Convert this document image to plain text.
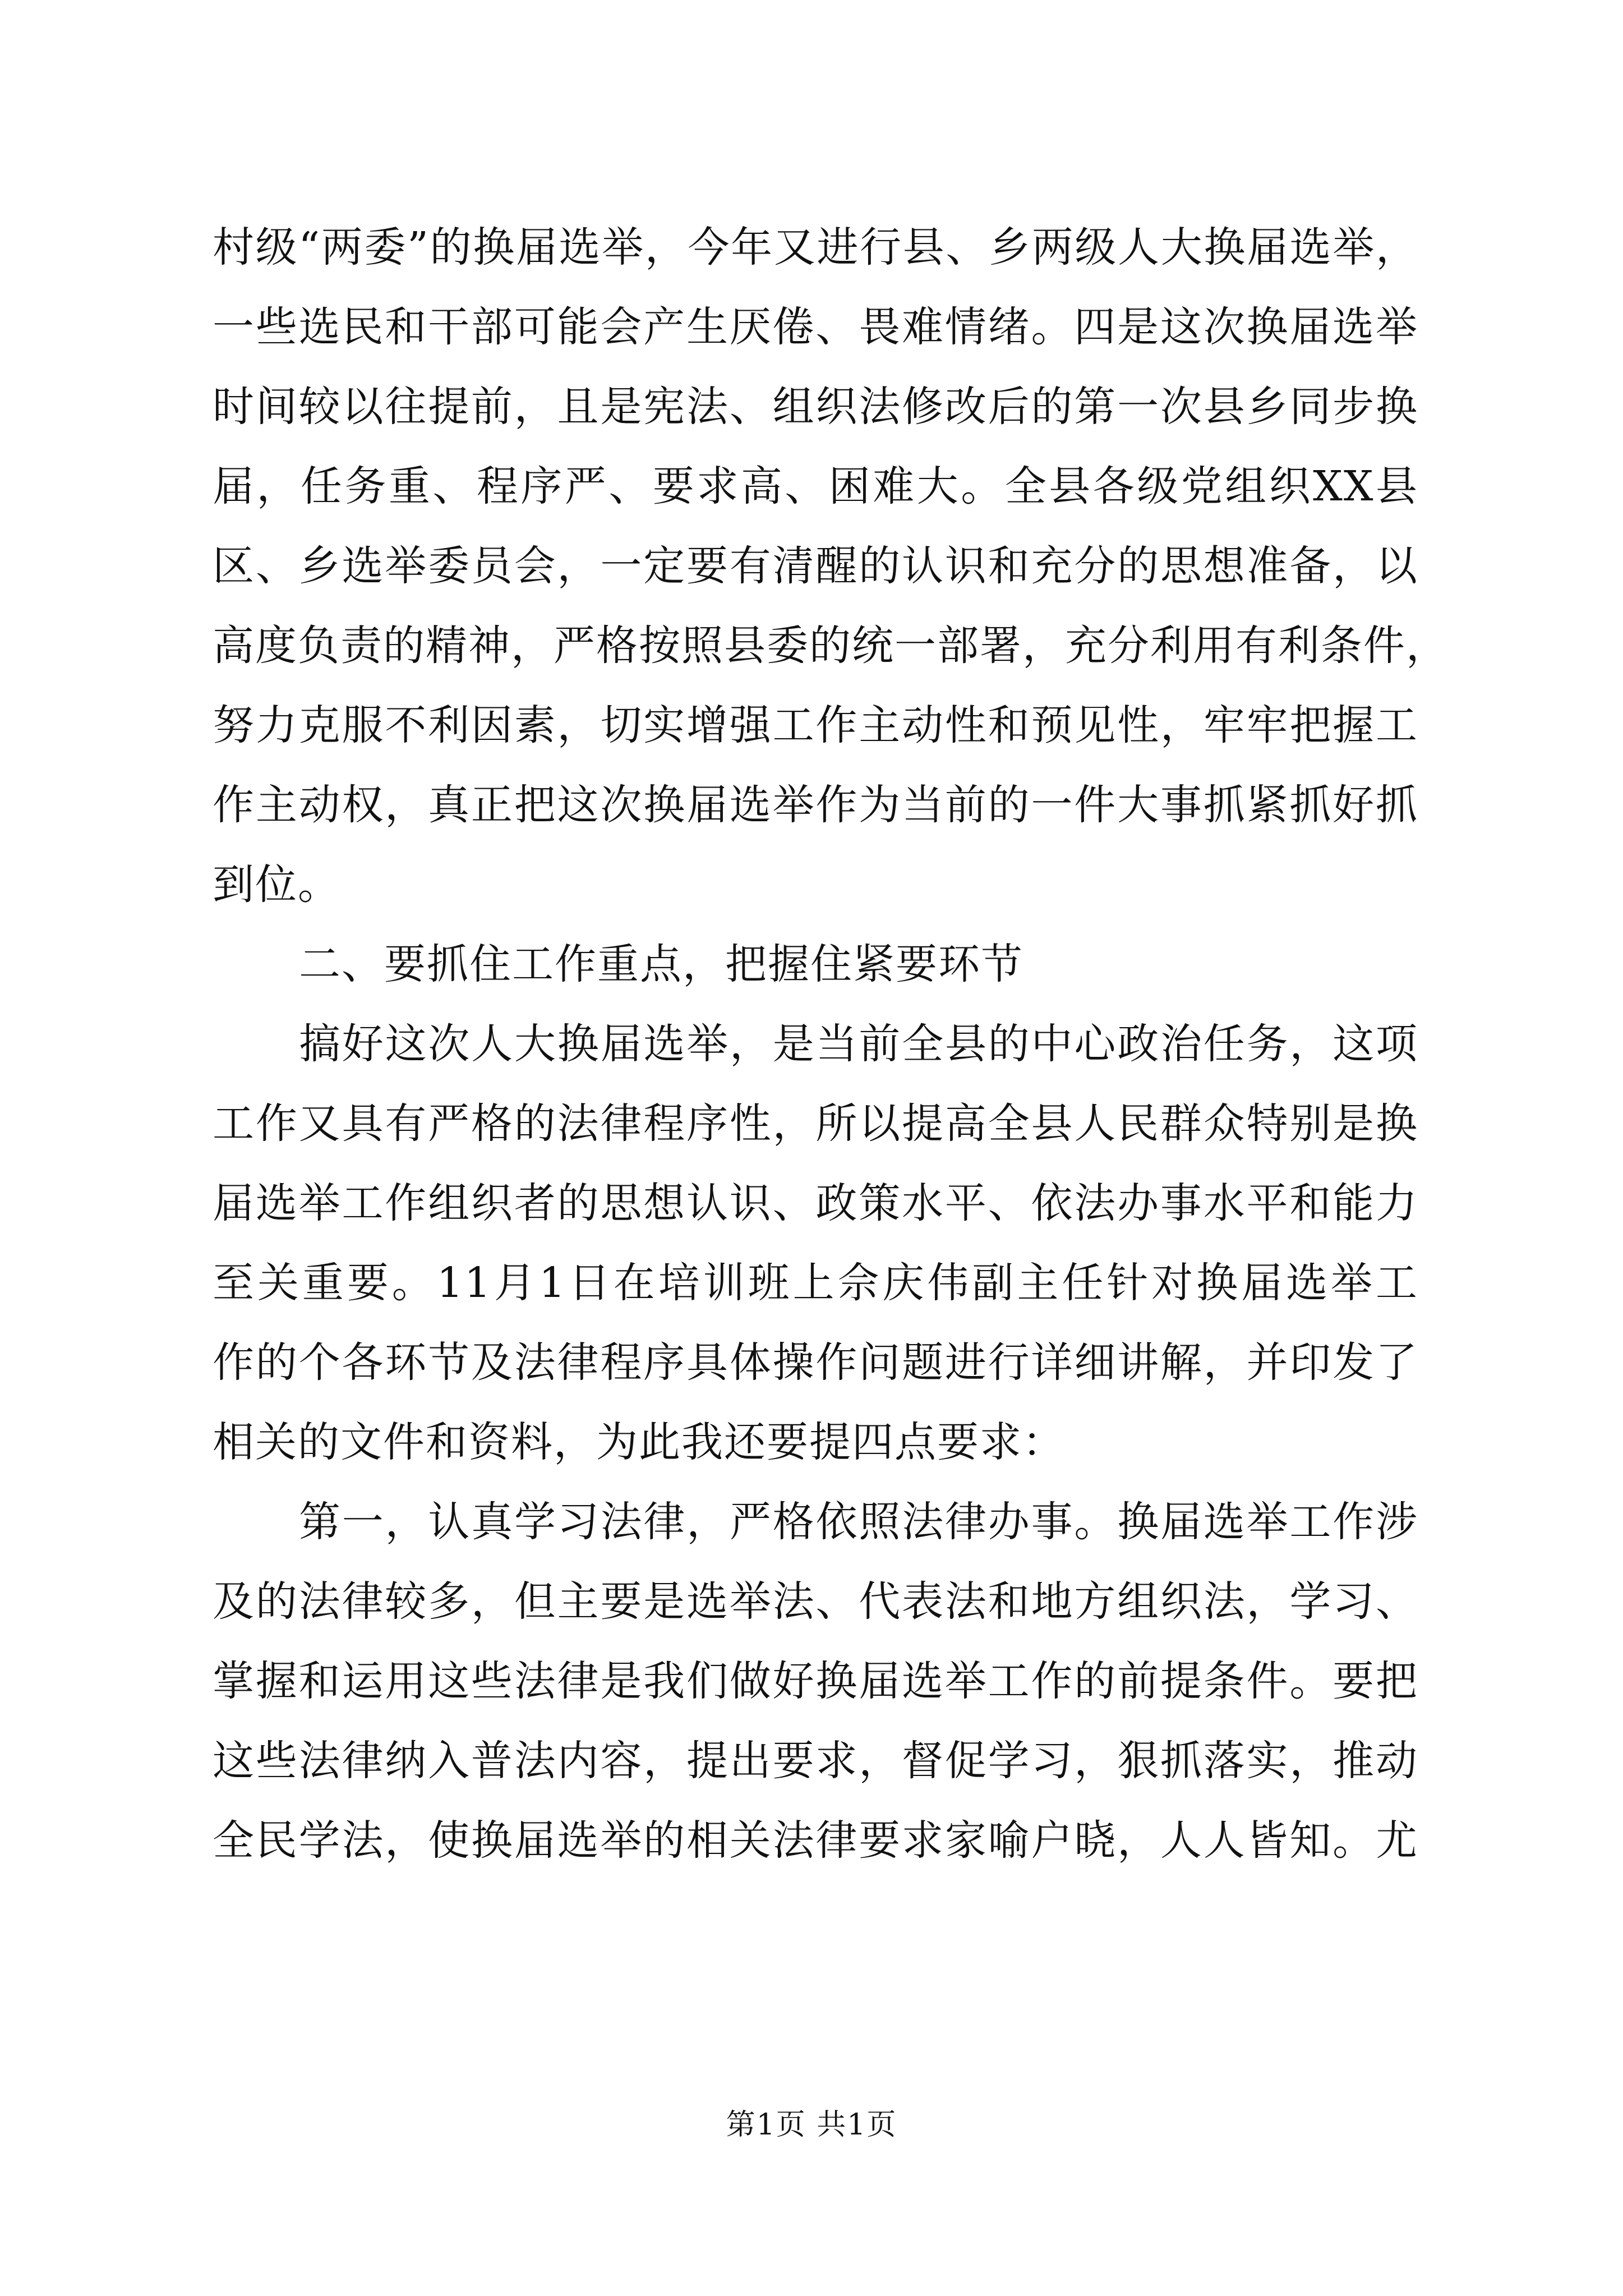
村级“两委”的换届选举，今年又进行县、乡两级人大换届选举，
一些选民和干部可能会产生厌倦、畏难情绪。四是这次换届选举
时间较以往提前，且是宪法、组织法修改后的第一次县乡同步换
届，任务重、程序严、要求高、困难大。全县各级党组织XX县
区、乡选举委员会，一定要有清醒的认识和充分的思想准备，以
高度负责的精神，严格按照县委的统一部署，充分利用有利条件，
努力克服不利因素，切实增强工作主动性和预见性，牢牢把握工
作主动权，真正把这次换届选举作为当前的一件大事抓紧抓好抓
到位。
二、要抓住工作重点，把握住紧要环节
搞好这次人大换届选举，是当前全县的中心政治任务，这项
工作又具有严格的法律程序性，所以提高全县人民群众特别是换
届选举工作组织者的思想认识、政策水平、依法办事水平和能力
至关重要。11月1日在培训班上佘庆伟副主任针对换届选举工
作的个各环节及法律程序具体操作问题进行详细讲解，并印发了
相关的文件和资料，为此我还要提四点要求：
第一，认真学习法律，严格依照法律办事。换届选举工作涉
及的法律较多，但主要是选举法、代表法和地方组织法，学习、
掌握和运用这些法律是我们做好换届选举工作的前提条件。要把
这些法律纳入普法内容，提出要求，督促学习，狠抓落实，推动
全民学法，使换届选举的相关法律要求家喻户晓，人人皆知。尤
第1页 共1页
